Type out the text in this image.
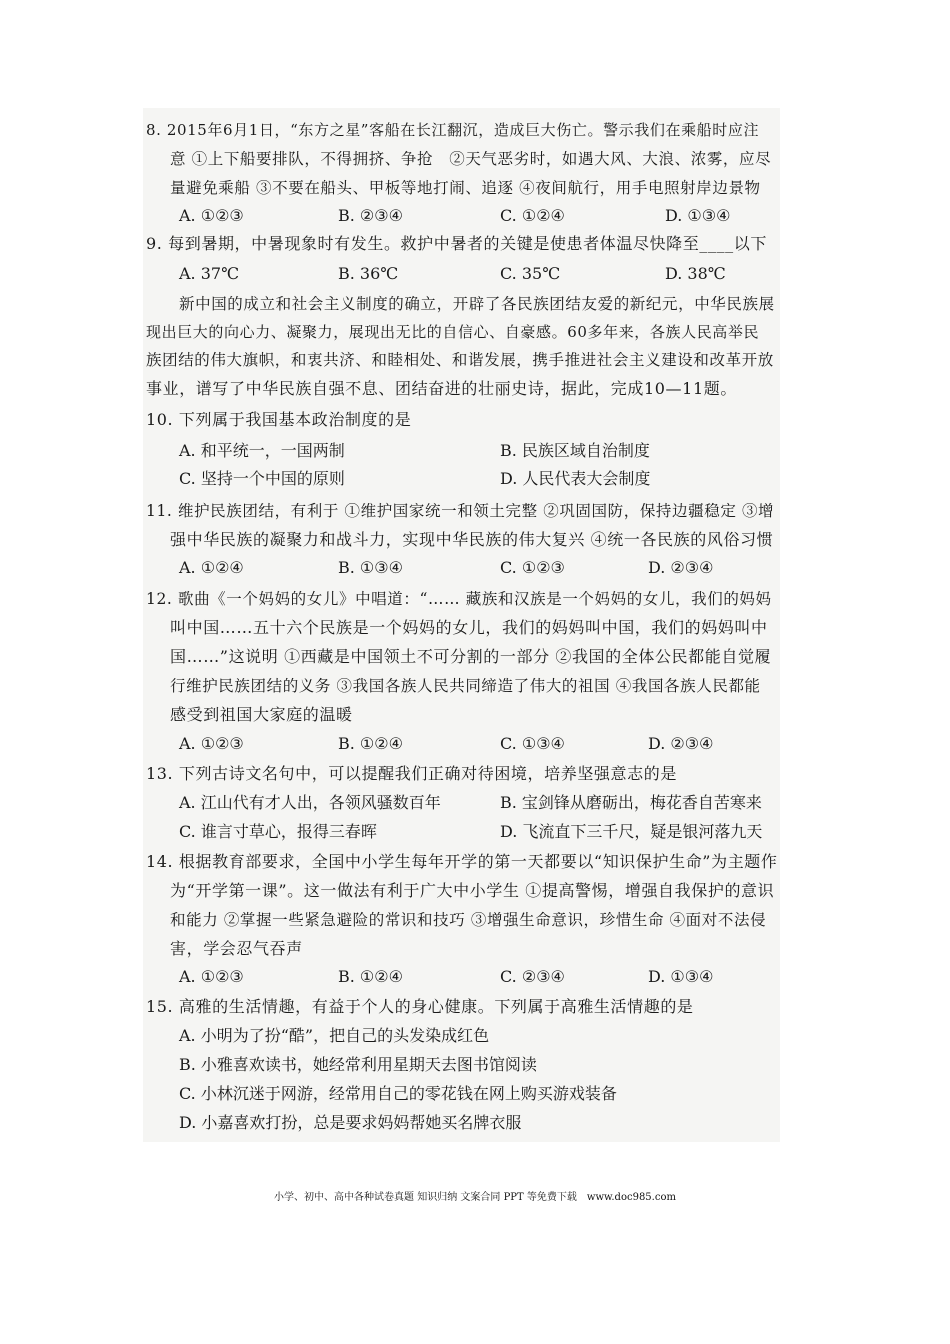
8. 2015年6月1日，“东方之星”客船在长江翻沉，造成巨大伤亡。警示我们在乘船时应注
意 ①上下船要排队，不得拥挤、争抢　②天气恶劣时，如遇大风、大浪、浓雾，应尽
量避免乘船 ③不要在船头、甲板等地打闹、追逐 ④夜间航行，用手电照射岸边景物
A. ①②③	B. ②③④	C. ①②④	D. ①③④
9. 每到暑期，中暑现象时有发生。救护中暑者的关键是使患者体温尽快降至____以下
A. 37℃	B. 36℃	C. 35℃	D. 38℃
新中国的成立和社会主义制度的确立，开辟了各民族团结友爱的新纪元，中华民族展
现出巨大的向心力、凝聚力，展现出无比的自信心、自豪感。60多年来，各族人民高举民
族团结的伟大旗帜，和衷共济、和睦相处、和谐发展，携手推进社会主义建设和改革开放
事业，谱写了中华民族自强不息、团结奋进的壮丽史诗，据此，完成10—11题。
10. 下列属于我国基本政治制度的是
A. 和平统一，一国两制	B. 民族区域自治制度
C. 坚持一个中国的原则	D. 人民代表大会制度
11. 维护民族团结，有利于 ①维护国家统一和领土完整 ②巩固国防，保持边疆稳定 ③增
强中华民族的凝聚力和战斗力，实现中华民族的伟大复兴 ④统一各民族的风俗习惯
A. ①②④	B. ①③④	C. ①②③	D. ②③④
12. 歌曲《一个妈妈的女儿》中唱道：“…… 藏族和汉族是一个妈妈的女儿，我们的妈妈
叫中国……五十六个民族是一个妈妈的女儿，我们的妈妈叫中国，我们的妈妈叫中
国……”这说明 ①西藏是中国领土不可分割的一部分 ②我国的全体公民都能自觉履
行维护民族团结的义务 ③我国各族人民共同缔造了伟大的祖国 ④我国各族人民都能
感受到祖国大家庭的温暖
A. ①②③	B. ①②④	C. ①③④	D. ②③④
13. 下列古诗文名句中，可以提醒我们正确对待困境，培养坚强意志的是
A. 江山代有才人出，各领风骚数百年	B. 宝剑锋从磨砺出，梅花香自苦寒来
C. 谁言寸草心，报得三春晖	D. 飞流直下三千尺，疑是银河落九天
14. 根据教育部要求，全国中小学生每年开学的第一天都要以“知识保护生命”为主题作
为“开学第一课”。这一做法有利于广大中小学生 ①提高警惕，增强自我保护的意识
和能力 ②掌握一些紧急避险的常识和技巧 ③增强生命意识，珍惜生命 ④面对不法侵
害，学会忍气吞声
A. ①②③	B. ①②④	C. ②③④	D. ①③④
15. 高雅的生活情趣，有益于个人的身心健康。下列属于高雅生活情趣的是
A. 小明为了扮“酷”，把自己的头发染成红色
B. 小雅喜欢读书，她经常利用星期天去图书馆阅读
C. 小林沉迷于网游，经常用自己的零花钱在网上购买游戏装备
D. 小嘉喜欢打扮，总是要求妈妈帮她买名牌衣服
小学、初中、高中各种试卷真题 知识归纳 文案合同 PPT 等免费下载　www.doc985.com
